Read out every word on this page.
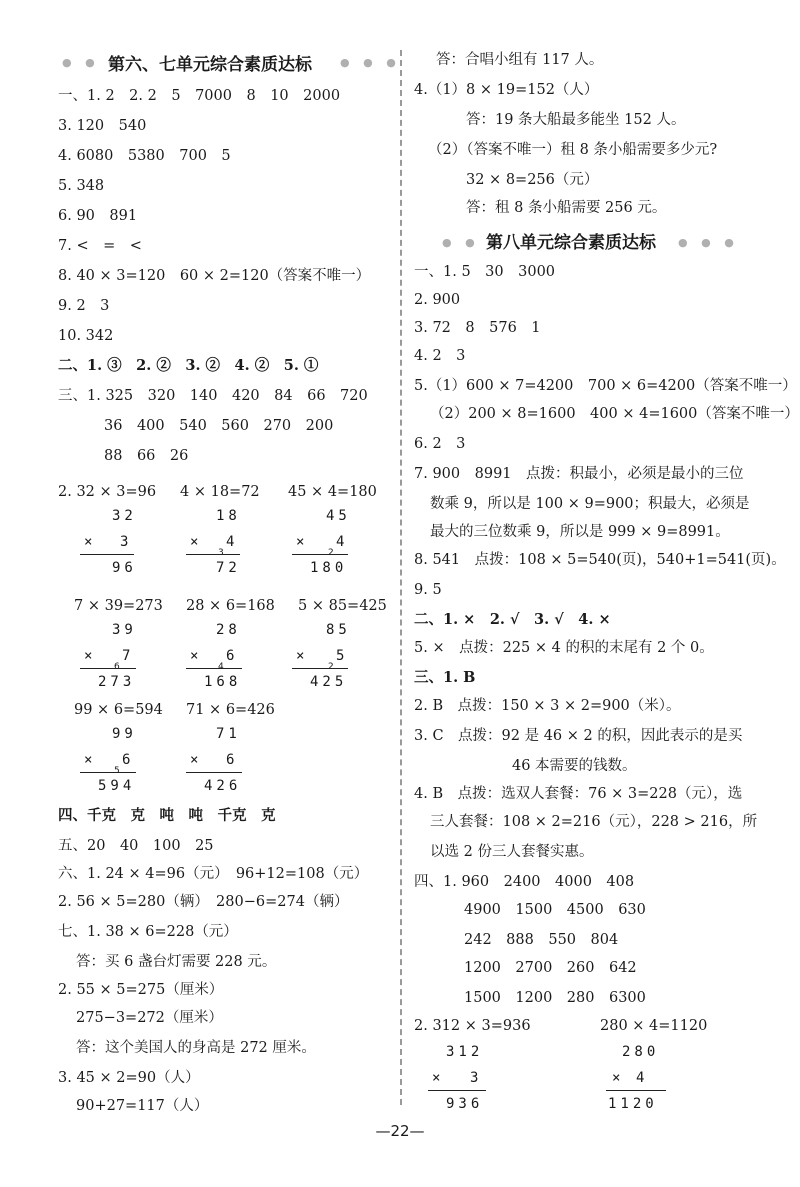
● ● ●
第六、七单元综合素质达标	● ● ●
一、1. 2　2. 2　5　7000　8　10　2000
3. 120　540
4. 6080　5380　700　5
5. 348
6. 90　891
7. <　=　<
8. 40 × 3=120　60 × 2=120（答案不唯一）
9. 2　3
10. 342
二、1. ③　2. ②　3. ②　4. ②　5. ①
三、1. 325　320　140　420　84　66　720
36　400　540　560　270　200
88　66　26
2. 32 × 3=96 4 × 18=72 45 × 4=180
32
× 3
96
18
×
3
4
72
45
×
2
4
180
7 × 39=273 28 × 6=168 5 × 85=425
39
×
6
7
273
28
×
4
6
168
85
×
2
5
425
99 × 6=594 71 × 6=426
99
×
5
6
594
71
× 6
426
四、千克　克　吨　吨　千克　克
五、20　40　100　25
六、1. 24 × 4=96（元）　96+12=108（元）
2. 56 × 5=280（辆）　280−6=274（辆）
七、1. 38 × 6=228（元）
答：买 6 盏台灯需要 228 元。
2. 55 × 5=275（厘米）
275−3=272（厘米）
答：这个美国人的身高是 272 厘米。
3. 45 × 2=90（人）
90+27=117（人）
答：合唱小组有 117 人。
4.（1）8 × 19=152（人）
答：19 条大船最多能坐 152 人。
（2）（答案不唯一）租 8 条小船需要多少元?
32 × 8=256（元）
答：租 8 条小船需要 256 元。
● ● ●
第八单元综合素质达标 ● ● ●
一、1. 5　30　3000
2. 900
3. 72　8　576　1
4. 2　3
5.（1）600 × 7=4200　700 × 6=4200（答案不唯一）
（2）200 × 8=1600　400 × 4=1600（答案不唯一）
6. 2　3
7. 900　8991　点拨：积最小，必须是最小的三位
数乘 9，所以是 100 × 9=900；积最大，必须是
最大的三位数乘 9，所以是 999 × 9=8991。
8. 541　点拨：108 × 5=540(页)，540+1=541(页)。
9. 5
二、1. ×　2. √　3. √　4. ×
5. ×　点拨：225 × 4 的积的末尾有 2 个 0。
三、1. B
2. B　点拨：150 × 3 × 2=900（米）。
3. C　点拨：92 是 46 × 2 的积，因此表示的是买
46 本需要的钱数。
4. B　点拨：选双人套餐：76 × 3=228（元），选
三人套餐：108 × 2=216（元），228 > 216，所
以选 2 份三人套餐实惠。
四、1. 960　2400　4000　408
4900　1500　4500　630
242　888　550　804
1200　2700　260　642
1500　1200　280　6300
2. 312 × 3=936	280 × 4=1120
312
× 3
936
280
× 4
1120
—22—
